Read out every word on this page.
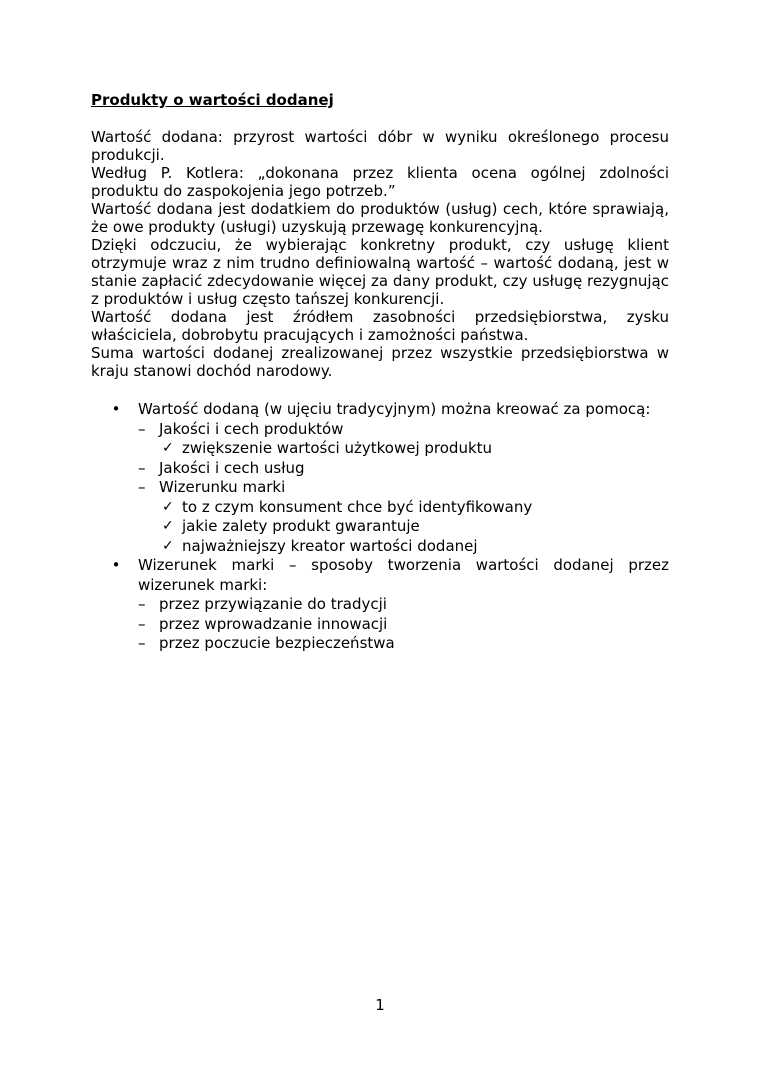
Produkty o wartości dodanej

Wartość dodana: przyrost wartości dóbr w wyniku określonego procesu produkcji.

Według P. Kotlera: „dokonana przez klienta ocena ogólnej zdolności produktu do zaspokojenia jego potrzeb.”

Wartość dodana jest dodatkiem do produktów (usług) cech, które sprawiają, że owe produkty (usługi) uzyskują przewagę konkurencyjną.

Dzięki odczuciu, że wybierając konkretny produkt, czy usługę klient otrzymuje wraz z nim trudno definiowalną wartość – wartość dodaną, jest w stanie zapłacić zdecydowanie więcej za dany produkt, czy usługę rezygnując z produktów i usług często tańszej konkurencji.

Wartość dodana jest źródłem zasobności przedsiębiorstwa, zysku właściciela, dobrobytu pracujących i zamożności państwa.

Suma wartości dodanej zrealizowanej przez wszystkie przedsiębiorstwa w kraju stanowi dochód narodowy.

• Wartość dodaną (w ujęciu tradycyjnym) można kreować za pomocą:
– Jakości i cech produktów
✓ zwiększenie wartości użytkowej produktu
– Jakości i cech usług
– Wizerunku marki
✓ to z czym konsument chce być identyfikowany
✓ jakie zalety produkt gwarantuje
✓ najważniejszy kreator wartości dodanej
• Wizerunek marki – sposoby tworzenia wartości dodanej przez wizerunek marki:
– przez przywiązanie do tradycji
– przez wprowadzanie innowacji
– przez poczucie bezpieczeństwa
1
